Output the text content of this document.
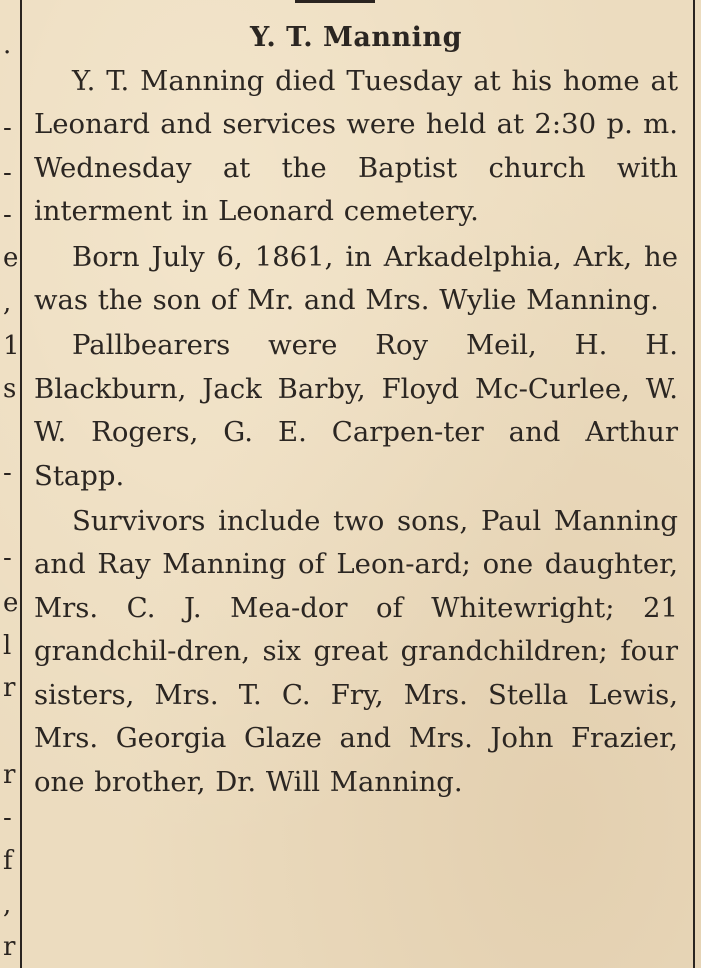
.
-
-
-
e
,
1
s
-
-
e
l
r
r
-
f
,
r
Y. T. Manning

Y. T. Manning died Tuesday at his home at Leonard and services were held at 2:30 p. m. Wednesday at the Baptist church with interment in Leonard cemetery.

Born July 6, 1861, in Arkadelphia, Ark, he was the son of Mr. and Mrs. Wylie Manning.

Pallbearers were Roy Meil, H. H. Blackburn, Jack Barby, Floyd Mc-Curlee, W. W. Rogers, G. E. Carpen-ter and Arthur Stapp.

Survivors include two sons, Paul Manning and Ray Manning of Leon-ard; one daughter, Mrs. C. J. Mea-dor of Whitewright; 21 grandchil-dren, six great grandchildren; four sisters, Mrs. T. C. Fry, Mrs. Stella Lewis, Mrs. Georgia Glaze and Mrs. John Frazier, one brother, Dr. Will Manning.
